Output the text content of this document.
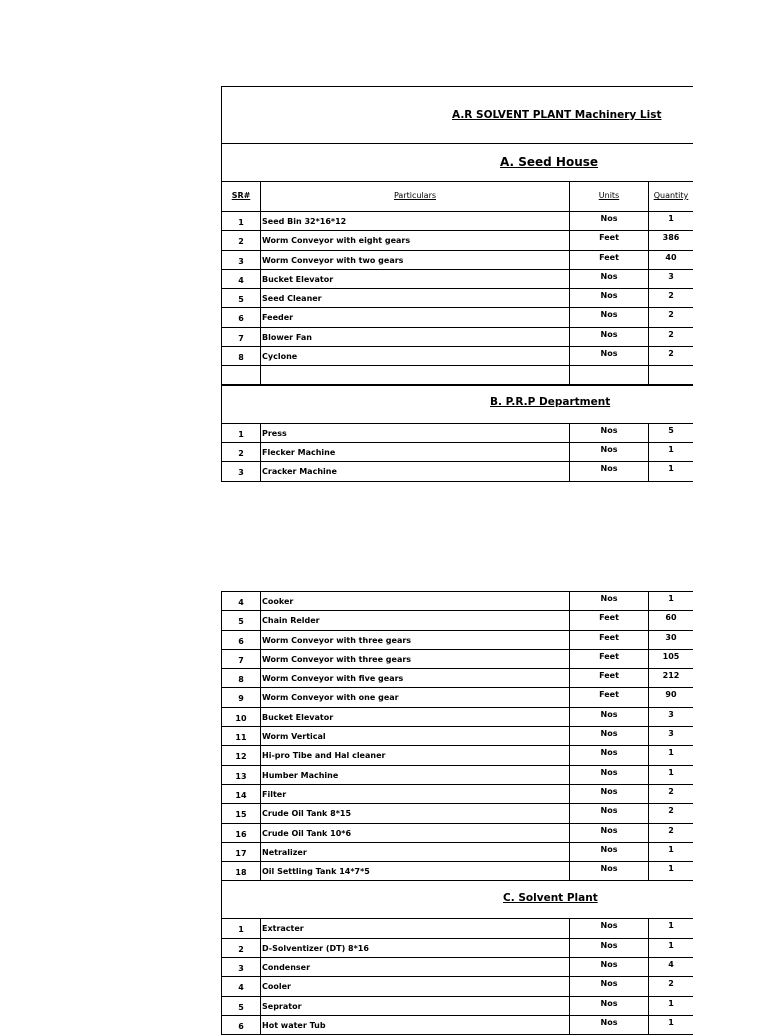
A.R SOLVENT PLANT Machinery List
A. Seed House
SR#	Particulars	Units	Quantity
1	Seed Bin 32*16*12	Nos	1
2	Worm Conveyor with eight gears	Feet	386
3	Worm Conveyor with two gears	Feet	40
4	Bucket Elevator	Nos	3
5	Seed Cleaner	Nos	2
6	Feeder	Nos	2
7	Blower Fan	Nos	2
8	Cyclone	Nos	2
B. P.R.P Department
1	Press	Nos	5
2	Flecker Machine	Nos	1
3	Cracker Machine	Nos	1
4	Cooker	Nos	1
5	Chain Relder	Feet	60
6	Worm Conveyor with three gears	Feet	30
7	Worm Conveyor with three gears	Feet	105
8	Worm Conveyor with five gears	Feet	212
9	Worm Conveyor with one gear	Feet	90
10	Bucket Elevator	Nos	3
11	Worm Vertical	Nos	3
12	Hi-pro Tibe and Hal cleaner	Nos	1
13	Humber Machine	Nos	1
14	Filter	Nos	2
15	Crude Oil Tank 8*15	Nos	2
16	Crude Oil Tank 10*6	Nos	2
17	Netralizer	Nos	1
18	Oil Settling Tank 14*7*5	Nos	1
C. Solvent Plant
1	Extracter	Nos	1
2	D-Solventizer (DT) 8*16	Nos	1
3	Condenser	Nos	4
4	Cooler	Nos	2
5	Seprator	Nos	1
6	Hot water Tub	Nos	1
